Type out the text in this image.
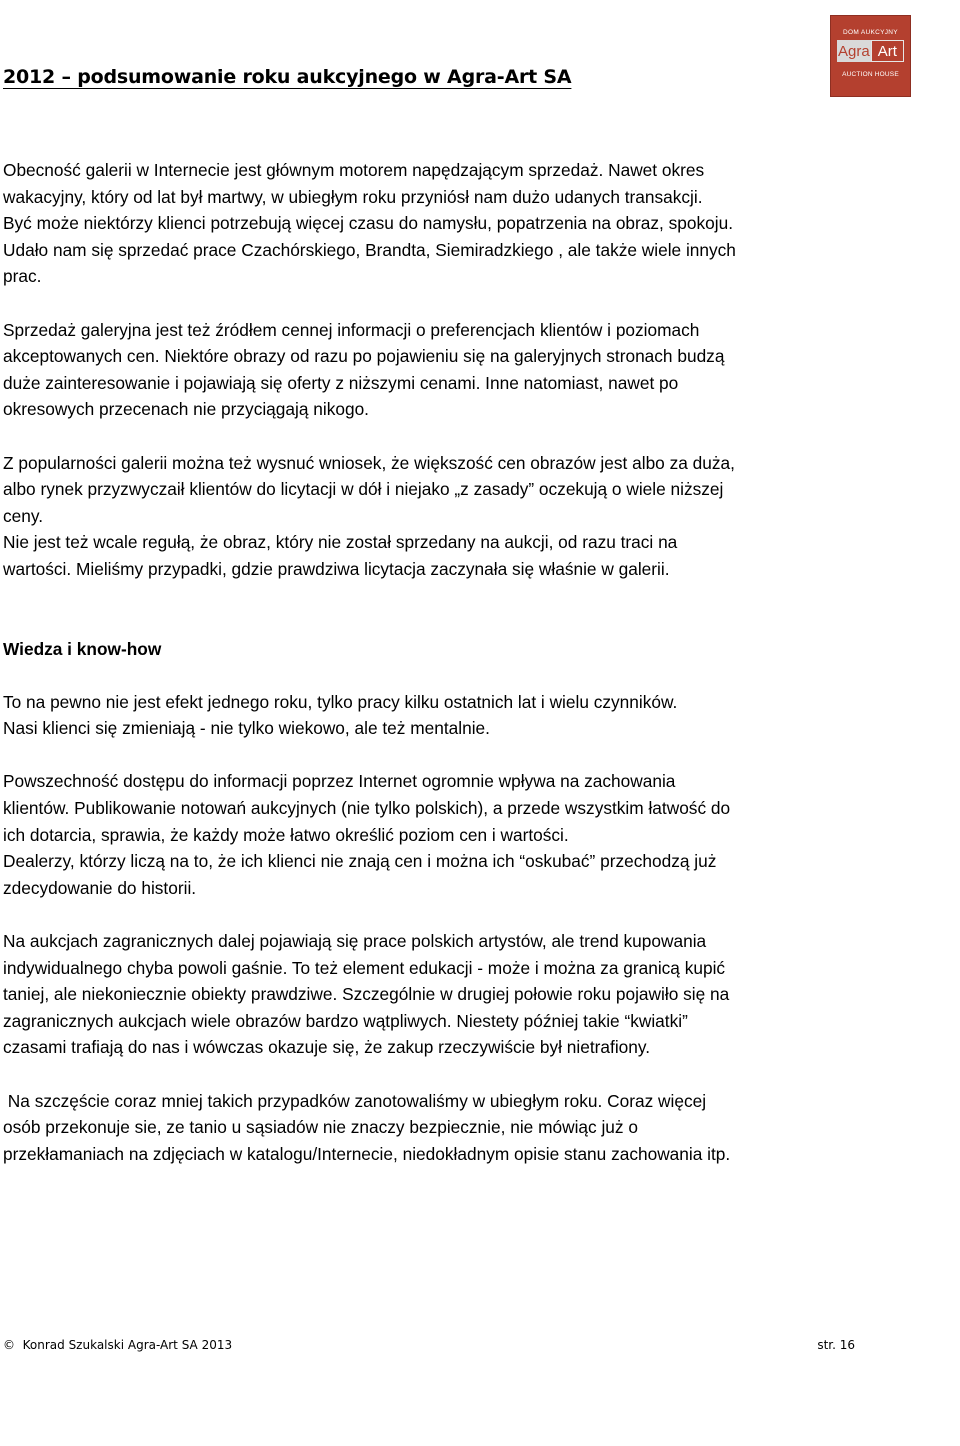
2012 – podsumowanie roku aukcyjnego w Agra-Art SA
DOM AUKCYJNY
Agra Art
AUCTION HOUSE

Obecność galerii w Internecie jest głównym motorem napędzającym sprzedaż. Nawet okres

wakacyjny, który od lat był martwy, w ubiegłym roku przyniósł nam dużo udanych transakcji.

Być może niektórzy klienci potrzebują więcej czasu do namysłu, popatrzenia na obraz, spokoju.

Udało nam się sprzedać prace Czachórskiego, Brandta, Siemiradzkiego , ale także wiele innych

prac.

Sprzedaż galeryjna jest też źródłem cennej informacji o preferencjach klientów i poziomach

akceptowanych cen. Niektóre obrazy od razu po pojawieniu się na galeryjnych stronach budzą

duże zainteresowanie i pojawiają się oferty z niższymi cenami. Inne natomiast, nawet po

okresowych przecenach nie przyciągają nikogo.

Z popularności galerii można też wysnuć wniosek, że większość cen obrazów jest albo za duża,

albo rynek przyzwyczaił klientów do licytacji w dół i niejako „z zasady” oczekują o wiele niższej

ceny.

Nie jest też wcale regułą, że obraz, który nie został sprzedany na aukcji, od razu traci na

wartości. Mieliśmy przypadki, gdzie prawdziwa licytacja zaczynała się właśnie w galerii.

Wiedza i know-how

To na pewno nie jest efekt jednego roku, tylko pracy kilku ostatnich lat i wielu czynników.

Nasi klienci się zmieniają - nie tylko wiekowo, ale też mentalnie.

Powszechność dostępu do informacji poprzez Internet ogromnie wpływa na zachowania

klientów. Publikowanie notowań aukcyjnych (nie tylko polskich), a przede wszystkim łatwość do

ich dotarcia, sprawia, że każdy może łatwo określić poziom cen i wartości.

Dealerzy, którzy liczą na to, że ich klienci nie znają cen i można ich “oskubać” przechodzą już

zdecydowanie do historii.

Na aukcjach zagranicznych dalej pojawiają się prace polskich artystów, ale trend kupowania

indywidualnego chyba powoli gaśnie. To też element edukacji - może i można za granicą kupić

taniej, ale niekoniecznie obiekty prawdziwe. Szczególnie w drugiej połowie roku pojawiło się na

zagranicznych aukcjach wiele obrazów bardzo wątpliwych. Niestety później takie “kwiatki”

czasami trafiają do nas i wówczas okazuje się, że zakup rzeczywiście był nietrafiony.

Na szczęście coraz mniej takich przypadków zanotowaliśmy w ubiegłym roku. Coraz więcej

osób przekonuje sie, ze tanio u sąsiadów nie znaczy bezpiecznie, nie mówiąc już o

przekłamaniach na zdjęciach w katalogu/Internecie, niedokładnym opisie stanu zachowania itp.

©  Konrad Szukalski Agra-Art SA 2013	str. 16
